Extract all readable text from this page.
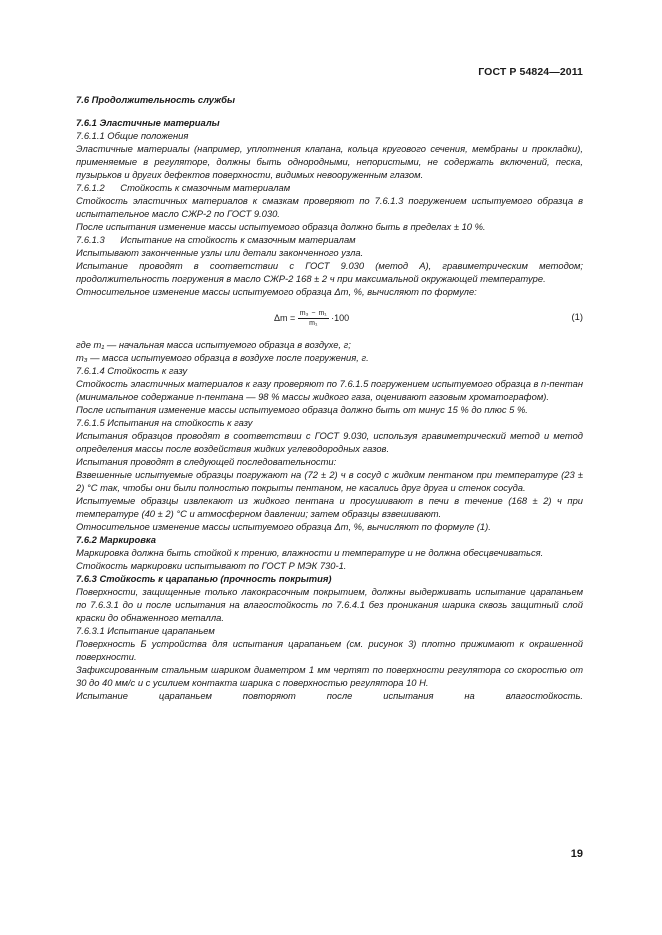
ГОСТ Р 54824—2011

7.6 Продолжительность службы

7.6.1 Эластичные материалы

7.6.1.1 Общие положения

Эластичные материалы (например, уплотнения клапана, кольца кругового сечения, мембраны и прокладки), применяемые в регуляторе, должны быть однородными, непористыми, не содержать включений, песка, пузырьков и других дефектов поверхности, видимых невооруженным глазом.

7.6.1.2      Стойкость к смазочным материалам

Стойкость эластичных материалов к смазкам проверяют по 7.6.1.3 погружением испытуемого образца в испытательное масло СЖР-2 по ГОСТ 9.030.

После испытания изменение массы испытуемого образца должно быть в пределах ± 10 %.

7.6.1.3      Испытание на стойкость к смазочным материалам

Испытывают законченные узлы или детали законченного узла.

Испытание проводят в соответствии с ГОСТ 9.030 (метод А), гравиметрическим методом; продолжительность погружения в масло СЖР-2 168 ± 2 ч при максимальной окружающей температуре.

Относительное изменение массы испытуемого образца Δm, %, вычисляют по формуле:

$\Delta m = \frac{\text{m₃ − m₁}}{\text{m₁}} \cdot 100$	(1)

где m₁ — начальная масса испытуемого образца в воздухе, г;

m₃ — масса испытуемого образца в воздухе после погружения, г.

7.6.1.4 Стойкость к газу

Стойкость эластичных материалов к газу проверяют по 7.6.1.5 погружением испытуемого образца в n-пентан (минимальное содержание n-пентана — 98 % массы жидкого газа, оценивают газовым хроматографом).

После испытания изменение массы испытуемого образца должно быть от минус 15 % до плюс 5 %.

7.6.1.5 Испытания на стойкость к газу

Испытания образцов проводят в соответствии с ГОСТ 9.030, используя гравиметрический метод и метод определения массы после воздействия жидких углеводородных газов.

Испытания проводят в следующей последовательности:

Взвешенные испытуемые образцы погружают на (72 ± 2) ч в сосуд с жидким пентаном при температуре (23 ± 2) °С так, чтобы они были полностью покрыты пентаном, не касались друг друга и стенок сосуда.

Испытуемые образцы извлекают из жидкого пентана и просушивают в печи в течение (168 ± 2) ч при температуре (40 ± 2) °С и атмосферном давлении; затем образцы взвешивают.

Относительное изменение массы испытуемого образца Δm, %, вычисляют по формуле (1).

7.6.2 Маркировка

Маркировка должна быть стойкой к трению, влажности и температуре и не должна обесцвечиваться.

Стойкость маркировки испытывают по ГОСТ Р МЭК 730-1.

7.6.3 Стойкость к царапанью (прочность покрытия)

Поверхности, защищенные только лакокрасочным покрытием, должны выдерживать испытание царапаньем по 7.6.3.1 до и после испытания на влагостойкость по 7.6.4.1 без проникания шарика сквозь защитный слой краски до обнаженного металла.

7.6.3.1 Испытание царапаньем

Поверхность Б устройства для испытания царапаньем (см. рисунок 3) плотно прижимают к окрашенной поверхности.

Зафиксированным стальным шариком диаметром 1 мм чертят по поверхности регулятора со скоростью от 30 до 40 мм/с и с усилием контакта шарика с поверхностью регулятора 10 Н.

Испытание      царапаньем      повторяют      после      испытания      на      влагостойкость.

19
